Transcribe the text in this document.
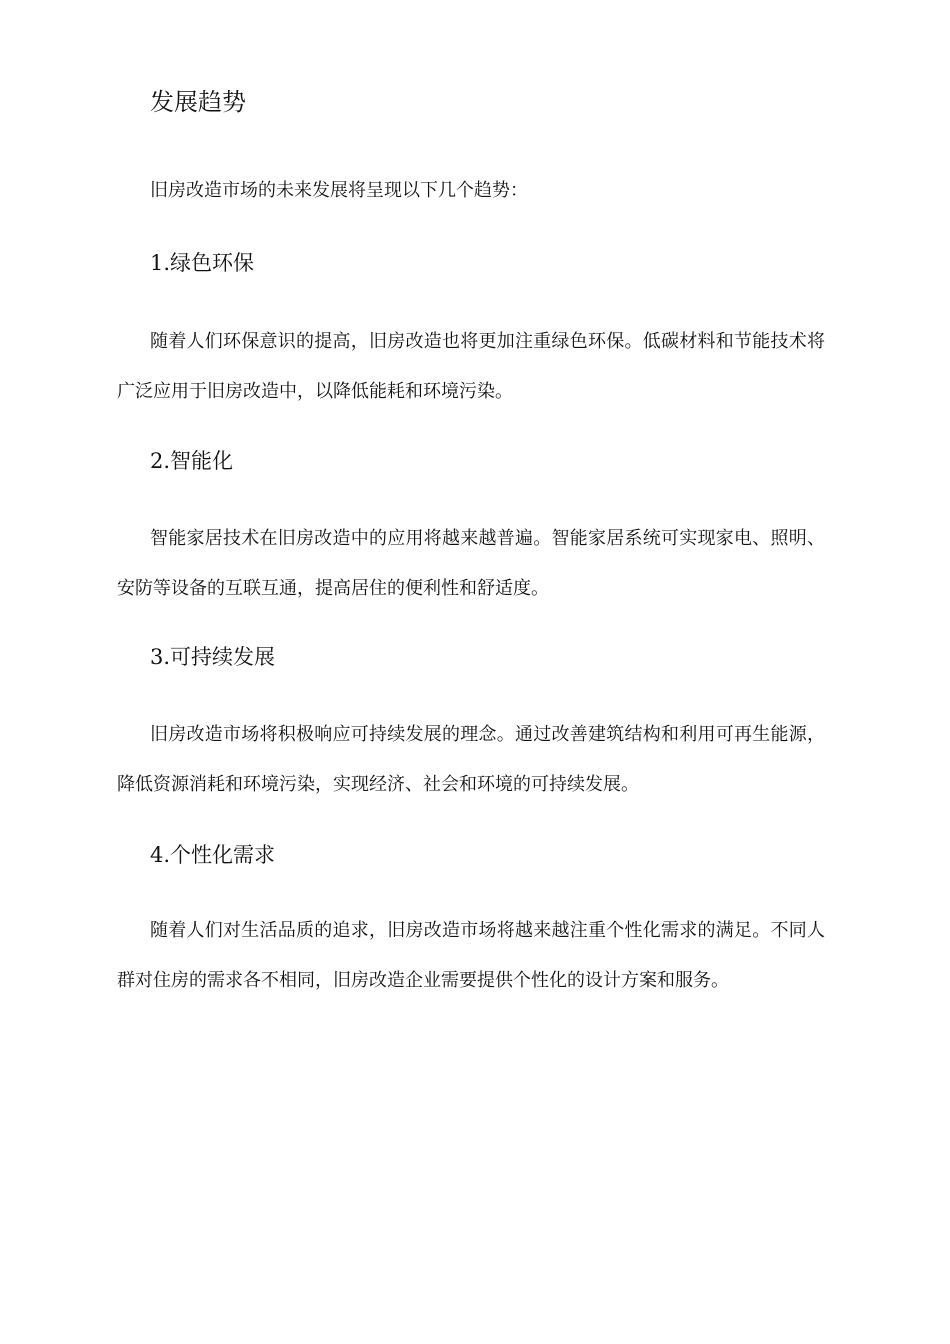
发展趋势

旧房改造市场的未来发展将呈现以下几个趋势：

1.绿色环保

随着人们环保意识的提高，旧房改造也将更加注重绿色环保。低碳材料和节能技术将广泛应用于旧房改造中，以降低能耗和环境污染。

2.智能化

智能家居技术在旧房改造中的应用将越来越普遍。智能家居系统可实现家电、照明、安防等设备的互联互通，提高居住的便利性和舒适度。

3.可持续发展

旧房改造市场将积极响应可持续发展的理念。通过改善建筑结构和利用可再生能源，降低资源消耗和环境污染，实现经济、社会和环境的可持续发展。

4.个性化需求

随着人们对生活品质的追求，旧房改造市场将越来越注重个性化需求的满足。不同人群对住房的需求各不相同，旧房改造企业需要提供个性化的设计方案和服务。
